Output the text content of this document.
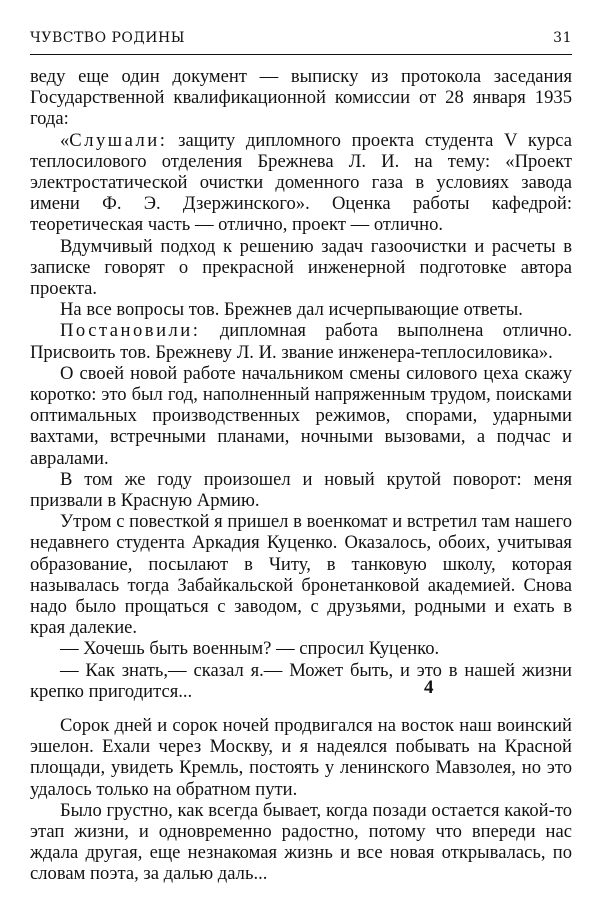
ЧУВСТВО РОДИНЫ	31

веду еще один документ — выписку из протокола заседания Государственной квалификационной комиссии от 28 января 1935 года:

«Слушали: защиту дипломного проекта студента V курса теплосилового отделения Брежнева Л. И. на тему: «Проект электростатической очистки доменного газа в условиях завода имени Ф. Э. Дзержинского». Оценка работы кафедрой: теоретическая часть — отлично, проект — отлично.

Вдумчивый подход к решению задач газоочистки и расчеты в записке говорят о прекрасной инженерной подготовке автора проекта.

На все вопросы тов. Брежнев дал исчерпывающие ответы.

Постановили: дипломная работа выполнена отлично. Присвоить тов. Брежневу Л. И. звание инженера-теплосиловика».

О своей новой работе начальником смены силового цеха скажу коротко: это был год, наполненный напряженным трудом, поисками оптимальных производственных режимов, спорами, ударными вахтами, встречными планами, ночными вызовами, а подчас и авралами.

В том же году произошел и новый крутой поворот: меня призвали в Красную Армию.

Утром с повесткой я пришел в военкомат и встретил там нашего недавнего студента Аркадия Куценко. Оказалось, обоих, учитывая образование, посылают в Читу, в танковую школу, которая называлась тогда Забайкальской бронетанковой академией. Снова надо было прощаться с заводом, с друзьями, родными и ехать в края далекие.

— Хочешь быть военным? — спросил Куценко.

— Как знать,— сказал я.— Может быть, и это в нашей жизни крепко пригодится...	4

Сорок дней и сорок ночей продвигался на восток наш воинский эшелон. Ехали через Москву, и я надеялся побывать на Красной площади, увидеть Кремль, постоять у ленинского Мавзолея, но это удалось только на обратном пути.

Было грустно, как всегда бывает, когда позади остается какой-то этап жизни, и одновременно радостно, потому что впереди нас ждала другая, еще незнакомая жизнь и все новая открывалась, по словам поэта, за далью даль...
